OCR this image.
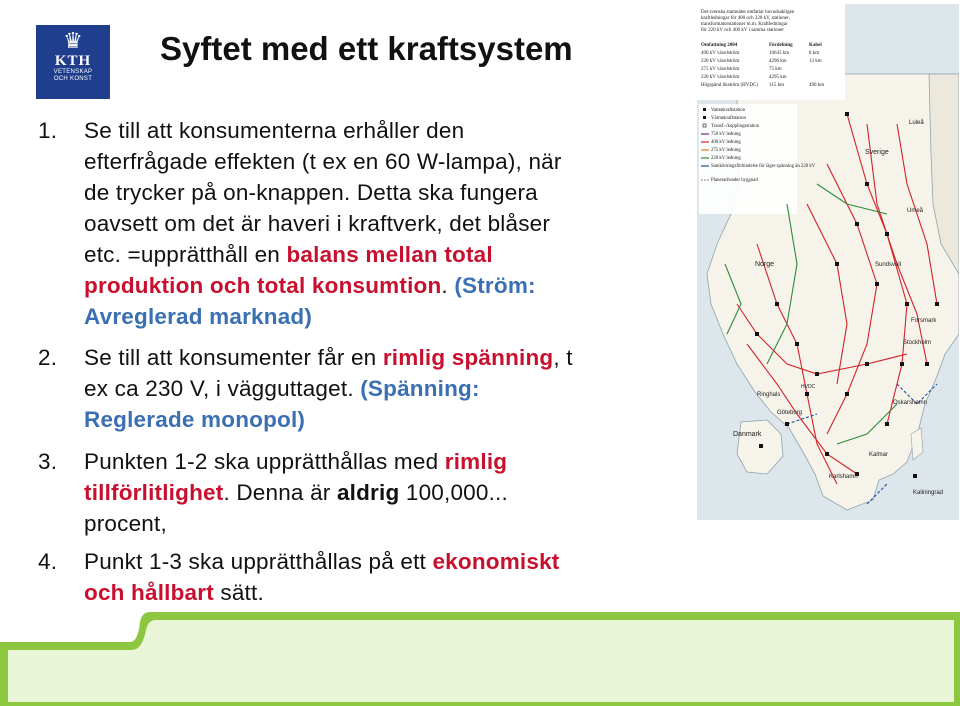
♛
KTH
VETENSKAP
OCH KONST
Syftet med ett kraftsystem
Det svenska stamnätet omfattar huvudsakligen
kraftledningar för 400 och 220 kV, stationer,
transformatorstationer m.m. Kraftledningar
för 220 kV och 400 kV i samma stationer
Omfattning 2004	Fördelning	Kabel
400 kV växelström	10643 km	8 km
220 kV växelström	4296 km	13 km
275 kV växelström	75 km
220 kV växelström	4295 km
Högspänd likström (HVDC) 115 km	490 km
Vattenkraftstation
Värmekraftstation
Transf.-/kopplingsstation
750 kV ledning
400 kV ledning
275 kV ledning
220 kV ledning
Samkörningsförbindelse för lägre spänning än 220 kV
Planerad/under byggnad
Sverige
Norge
Danmark
Sundsvall
Oskarshamn
Göteborg
Stockholm
Kaliningrad
HVDC
Kalmar
Karlshamn
Ringhals
Forsmark
Umeå
Luleå
1. Se till att konsumenterna erhåller den
efterfrågade effekten (t ex en 60 W-lampa), när
de trycker på on-knappen. Detta ska fungera
oavsett om det är haveri i kraftverk, det blåser
etc. =upprätthåll en balans mellan total
produktion och total konsumtion. (Ström:
Avreglerad marknad)
2. Se till att konsumenter får en rimlig spänning, t
ex ca 230 V, i vägguttaget. (Spänning:
Reglerade monopol)
3. Punkten 1-2 ska upprätthållas med rimlig
tillförlitlighet. Denna är aldrig 100,000...
procent,
4. Punkt 1-3 ska upprätthållas på ett ekonomiskt
och hållbart sätt.
